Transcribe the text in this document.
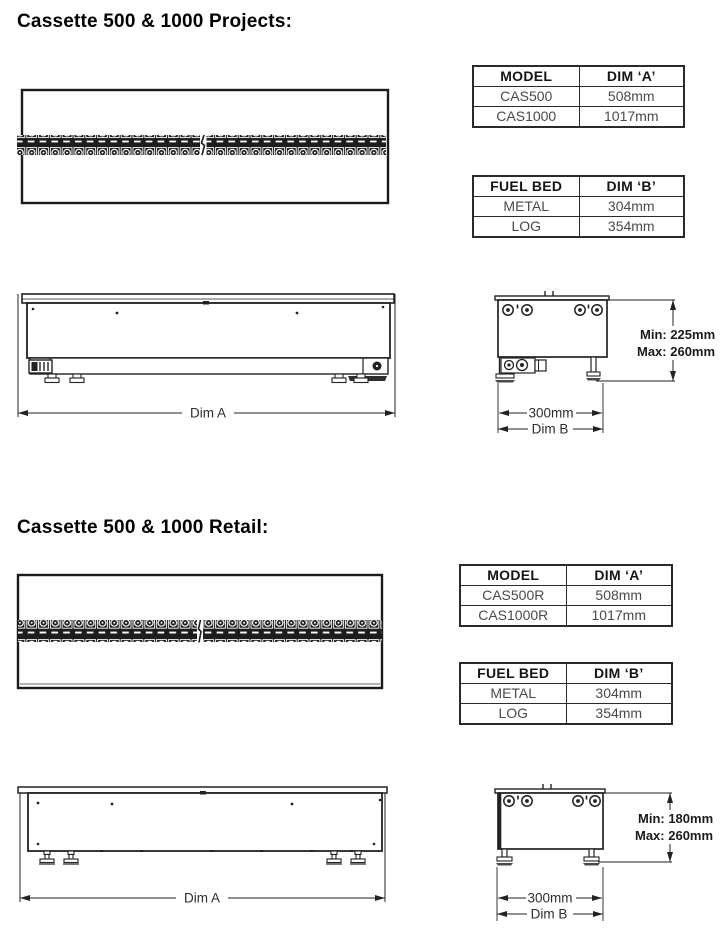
Cassette 500 & 1000 Projects:
MODEL	DIM ‘A’
CAS500	508mm
CAS1000	1017mm
FUEL BED	DIM ‘B’
METAL	304mm
LOG	354mm
Dim A
Min: 225mm
Max: 260mm
300mm
Dim B
Cassette 500 & 1000 Retail:
MODEL	DIM ‘A’
CAS500R	508mm
CAS1000R	1017mm
FUEL BED	DIM ‘B’
METAL	304mm
LOG	354mm
Dim A
Min: 180mm
Max: 260mm
300mm
Dim B
